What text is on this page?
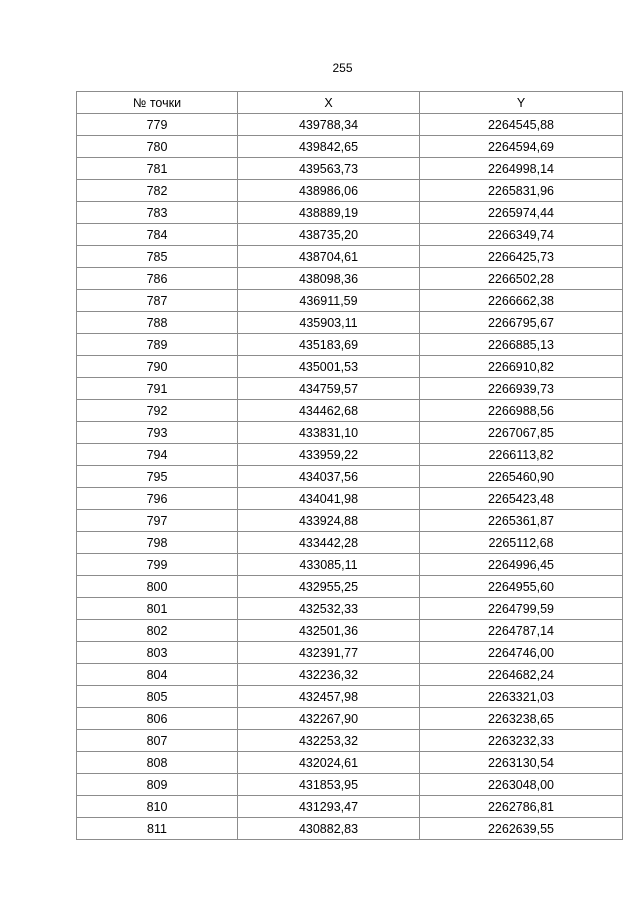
255
№ точки	X	Y
779	439788,34	2264545,88
780	439842,65	2264594,69
781	439563,73	2264998,14
782	438986,06	2265831,96
783	438889,19	2265974,44
784	438735,20	2266349,74
785	438704,61	2266425,73
786	438098,36	2266502,28
787	436911,59	2266662,38
788	435903,11	2266795,67
789	435183,69	2266885,13
790	435001,53	2266910,82
791	434759,57	2266939,73
792	434462,68	2266988,56
793	433831,10	2267067,85
794	433959,22	2266113,82
795	434037,56	2265460,90
796	434041,98	2265423,48
797	433924,88	2265361,87
798	433442,28	2265112,68
799	433085,11	2264996,45
800	432955,25	2264955,60
801	432532,33	2264799,59
802	432501,36	2264787,14
803	432391,77	2264746,00
804	432236,32	2264682,24
805	432457,98	2263321,03
806	432267,90	2263238,65
807	432253,32	2263232,33
808	432024,61	2263130,54
809	431853,95	2263048,00
810	431293,47	2262786,81
811	430882,83	2262639,55
